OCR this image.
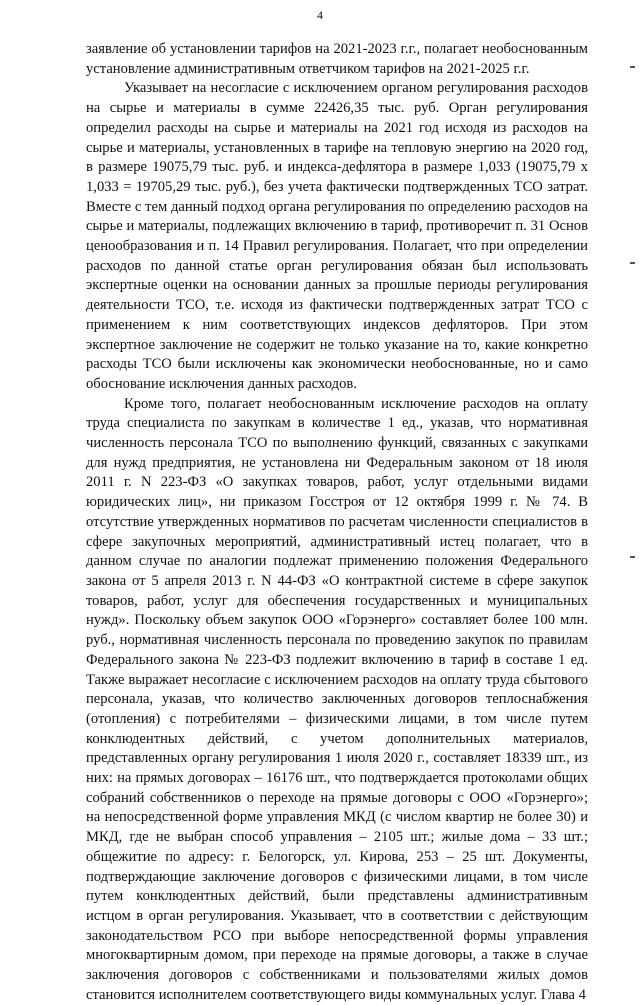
4

заявление об установлении тарифов на 2021-2023 г.г., полагает необоснованным установление административным ответчиком тарифов на 2021-2025 г.г.

Указывает на несогласие с исключением органом регулирования расходов на сырье и материалы в сумме 22426,35 тыс. руб. Орган регулирования определил расходы на сырье и материалы на 2021 год исходя из расходов на сырье и материалы, установленных в тарифе на тепловую энергию на 2020 год, в размере 19075,79 тыс. руб. и индекса-дефлятора в размере 1,033 (19075,79 х 1,033 = 19705,29 тыс. руб.), без учета фактически подтвержденных ТСО затрат. Вместе с тем данный подход органа регулирования по определению расходов на сырье и материалы, подлежащих включению в тариф, противоречит п. 31 Основ ценообразования и п. 14 Правил регулирования. Полагает, что при определении расходов по данной статье орган регулирования обязан был использовать экспертные оценки на основании данных за прошлые периоды регулирования деятельности ТСО, т.е. исходя из фактически подтвержденных затрат ТСО с применением к ним соответствующих индексов дефляторов. При этом экспертное заключение не содержит не только указание на то, какие конкретно расходы ТСО были исключены как экономически необоснованные, но и само обоснование исключения данных расходов.

Кроме того, полагает необоснованным исключение расходов на оплату труда специалиста по закупкам в количестве 1 ед., указав, что нормативная численность персонала ТСО по выполнению функций, связанных с закупками для нужд предприятия, не установлена ни Федеральным законом от 18 июля 2011 г. N 223-ФЗ «О закупках товаров, работ, услуг отдельными видами юридических лиц», ни приказом Госстроя от 12 октября 1999 г. № 74. В отсутствие утвержденных нормативов по расчетам численности специалистов в сфере закупочных мероприятий, административный истец полагает, что в данном случае по аналогии подлежат применению положения Федерального закона от 5 апреля 2013 г. N 44-ФЗ «О контрактной системе в сфере закупок товаров, работ, услуг для обеспечения государственных и муниципальных нужд». Поскольку объем закупок ООО «Горэнерго» составляет более 100 млн. руб., нормативная численность персонала по проведению закупок по правилам Федерального закона № 223-ФЗ подлежит включению в тариф в составе 1 ед. Также выражает несогласие с исключением расходов на оплату труда сбытового персонала, указав, что количество заключенных договоров теплоснабжения (отопления) с потребителями – физическими лицами, в том числе путем конклюдентных действий, с учетом дополнительных материалов, представленных органу регулирования 1 июля 2020 г., составляет 18339 шт., из них: на прямых договорах – 16176 шт., что подтверждается протоколами общих собраний собственников о переходе на прямые договоры с ООО «Горэнерго»; на непосредственной форме управления МКД (с числом квартир не более 30) и МКД, где не выбран способ управления – 2105 шт.; жилые дома – 33 шт.; общежитие по адресу: г. Белогорск, ул. Кирова, 253 – 25 шт. Документы, подтверждающие заключение договоров с физическими лицами, в том числе путем конклюдентных действий, были представлены административным истцом в орган регулирования. Указывает, что в соответствии с действующим законодательством РСО при выборе непосредственной формы управления многоквартирным домом, при переходе на прямые договоры, а также в случае заключения договоров с собственниками и пользователями жилых домов становится исполнителем соответствующего виды коммунальных услуг. Глава 4
